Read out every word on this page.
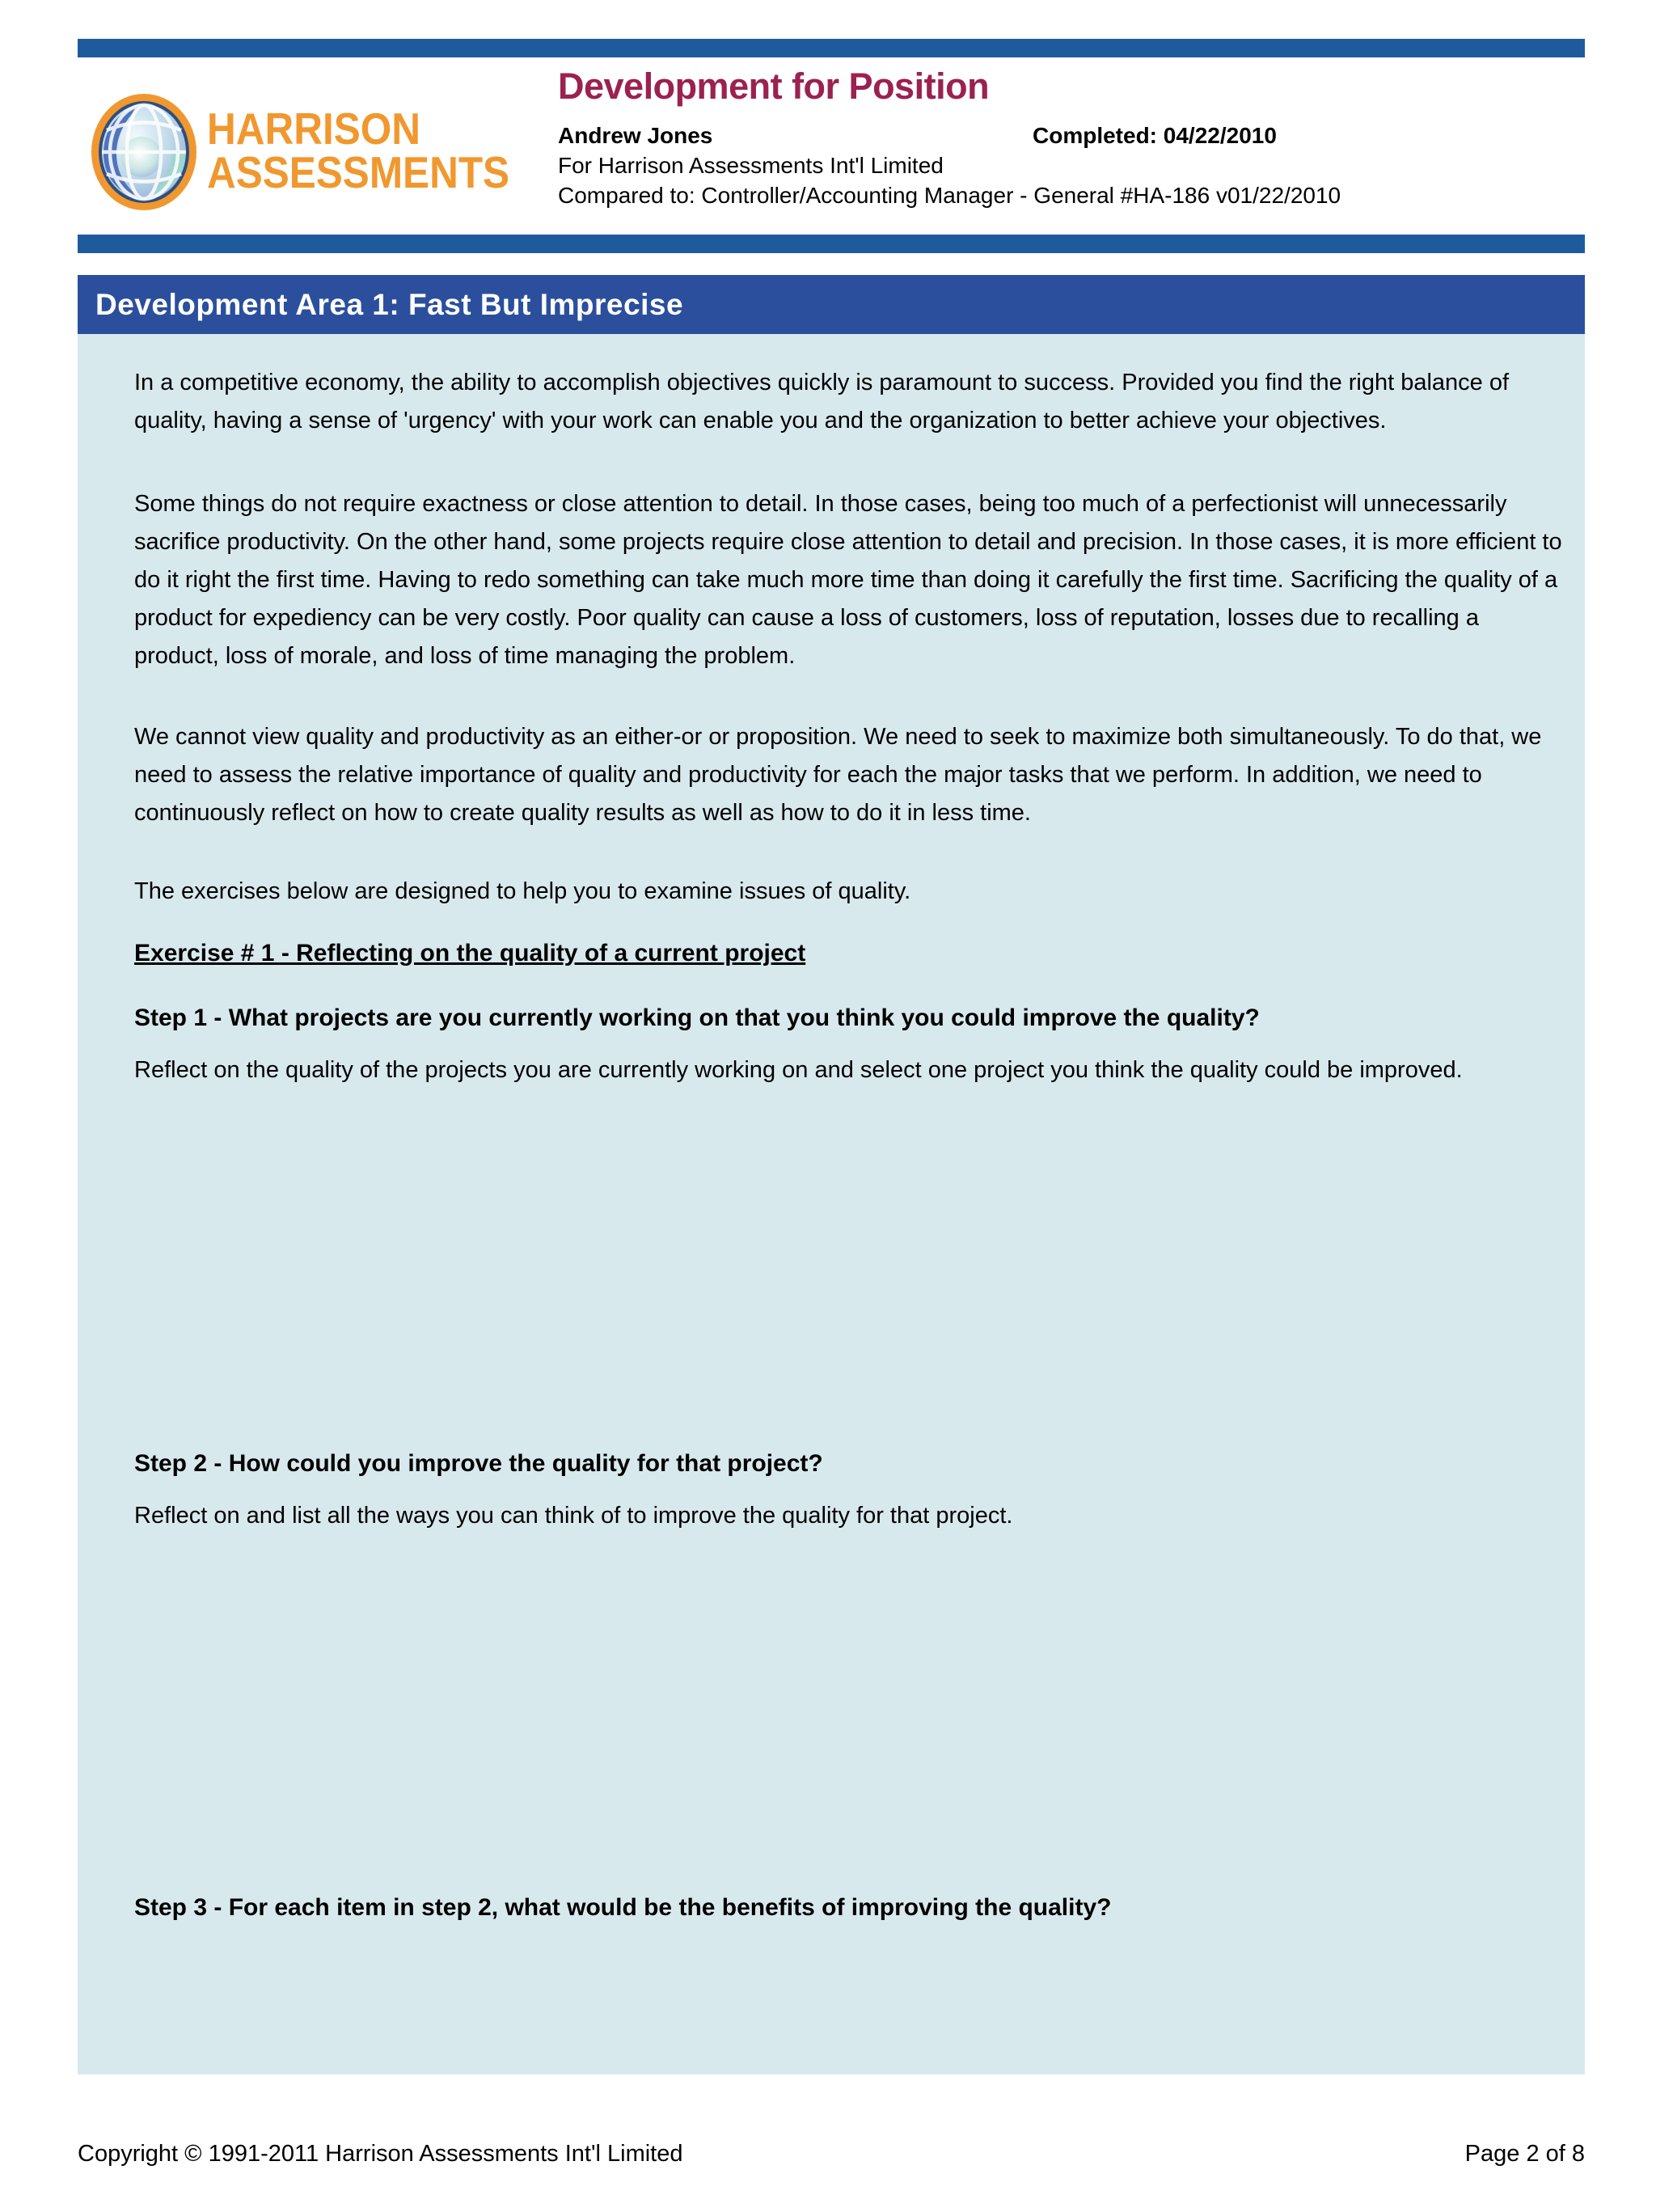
HARRISON
ASSESSMENTS
Development for Position
Andrew Jones	Completed: 04/22/2010
For Harrison Assessments Int'l Limited
Compared to: Controller/Accounting Manager - General #HA-186 v01/22/2010
Development Area 1: Fast But Imprecise

In a competitive economy, the ability to accomplish objectives quickly is paramount to success. Provided you find the right balance of quality, having a sense of 'urgency' with your work can enable you and the organization to better achieve your objectives.

Some things do not require exactness or close attention to detail. In those cases, being too much of a perfectionist will unnecessarily sacrifice productivity. On the other hand, some projects require close attention to detail and precision. In those cases, it is more efficient to do it right the first time. Having to redo something can take much more time than doing it carefully the first time. Sacrificing the quality of a product for expediency can be very costly. Poor quality can cause a loss of customers, loss of reputation, losses due to recalling a product, loss of morale, and loss of time managing the problem.

We cannot view quality and productivity as an either-or or proposition. We need to seek to maximize both simultaneously. To do that, we need to assess the relative importance of quality and productivity for each the major tasks that we perform. In addition, we need to continuously reflect on how to create quality results as well as how to do it in less time.

The exercises below are designed to help you to examine issues of quality.

Exercise # 1 - Reflecting on the quality of a current project
Step 1 - What projects are you currently working on that you think you could improve the quality?

Reflect on the quality of the projects you are currently working on and select one project you think the quality could be improved.

Step 2 - How could you improve the quality for that project?

Reflect on and list all the ways you can think of to improve the quality for that project.

Step 3 - For each item in step 2, what would be the benefits of improving the quality?
Copyright © 1991-2011 Harrison Assessments Int'l Limited	Page 2 of 8
